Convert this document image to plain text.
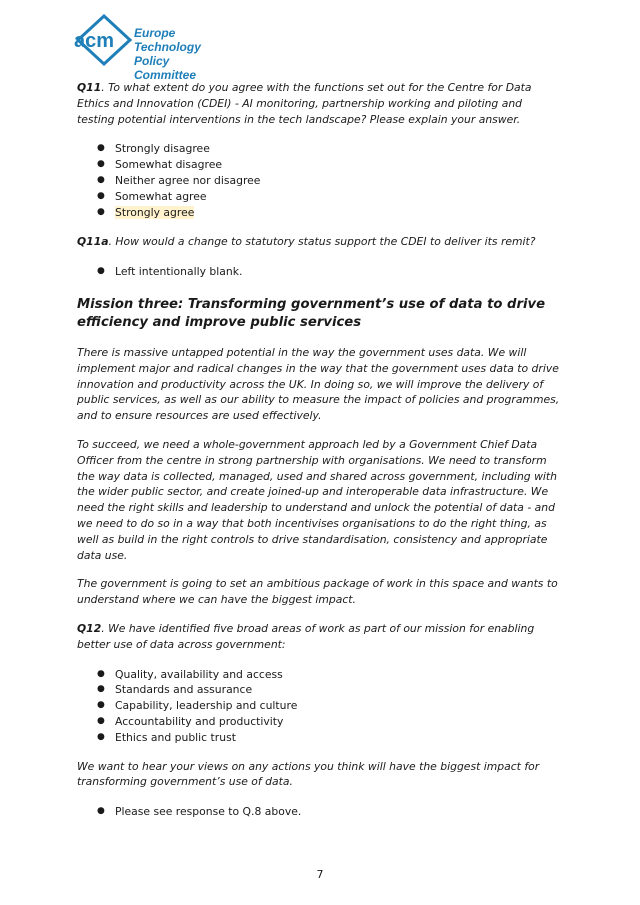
acm Europe Technology
Policy Committee

Q11. To what extent do you agree with the functions set out for the Centre for Data Ethics and Innovation (CDEI) - AI monitoring, partnership working and piloting and testing potential interventions in the tech landscape? Please explain your answer.

● Strongly disagree
● Somewhat disagree
● Neither agree nor disagree
● Somewhat agree
● Strongly agree

Q11a. How would a change to statutory status support the CDEI to deliver its remit?

● Left intentionally blank.
Mission three: Transforming government’s use of data to drive efficiency and improve public services

There is massive untapped potential in the way the government uses data. We will implement major and radical changes in the way that the government uses data to drive innovation and productivity across the UK. In doing so, we will improve the delivery of public services, as well as our ability to measure the impact of policies and programmes, and to ensure resources are used effectively.

To succeed, we need a whole-government approach led by a Government Chief Data Officer from the centre in strong partnership with organisations. We need to transform the way data is collected, managed, used and shared across government, including with the wider public sector, and create joined-up and interoperable data infrastructure. We need the right skills and leadership to understand and unlock the potential of data - and we need to do so in a way that both incentivises organisations to do the right thing, as well as build in the right controls to drive standardisation, consistency and appropriate data use.

The government is going to set an ambitious package of work in this space and wants to understand where we can have the biggest impact.

Q12. We have identified five broad areas of work as part of our mission for enabling better use of data across government:

● Quality, availability and access
● Standards and assurance
● Capability, leadership and culture
● Accountability and productivity
● Ethics and public trust

We want to hear your views on any actions you think will have the biggest impact for transforming government’s use of data.

● Please see response to Q.8 above.
7
